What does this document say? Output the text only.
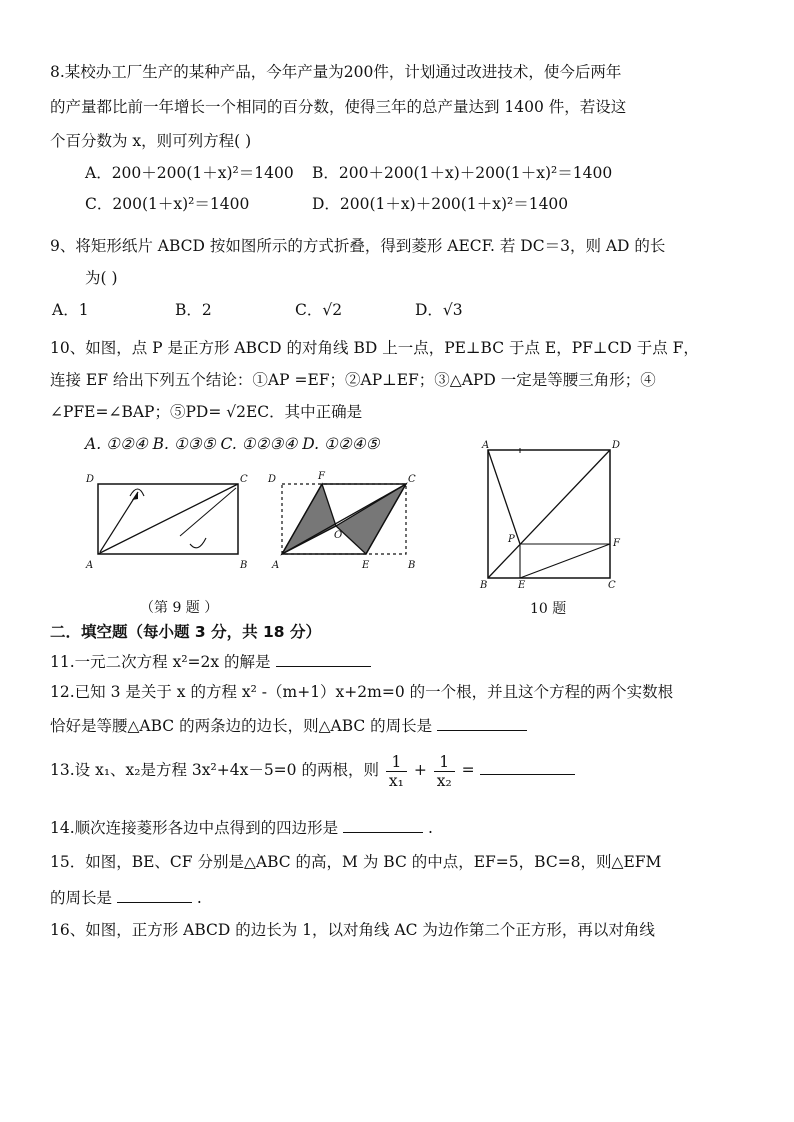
8.某校办工厂生产的某种产品，今年产量为200件，计划通过改进技术，使今后两年
的产量都比前一年增长一个相同的百分数，使得三年的总产量达到 1400 件，若设这
个百分数为 x，则可列方程( )
A．200＋200(1＋x)²＝1400 B．200＋200(1＋x)＋200(1＋x)²＝1400
C．200(1＋x)²＝1400	D．200(1＋x)＋200(1＋x)²＝1400
9、将矩形纸片 ABCD 按如图所示的方式折叠，得到菱形 AECF. 若 DC＝3，则 AD 的长
为( )
A．1	B．2	C．√2	D．√3
10、如图，点 P 是正方形 ABCD 的对角线 BD 上一点，PE⊥BC 于点 E，PF⊥CD 于点 F，
连接 EF 给出下列五个结论：①AP =EF；②AP⊥EF；③△APD 一定是等腰三角形；④
∠PFE=∠BAP；⑤PD= √2EC．其中正确是
A. ①②④ B. ①③⑤ C. ①②③④ D. ①②④⑤
D	C
A	B
D	F	C
O
A	E	B
A	D
P	F
B	E	C
（第 9 题 ）	10 题
二．填空题（每小题 3 分，共 18 分）
11.一元二次方程 x²=2x 的解是
12.已知 3 是关于 x 的方程 x² -（m+1）x+2m=0 的一个根，并且这个方程的两个实数根
恰好是等腰△ABC 的两条边的边长，则△ABC 的周长是
13.设 x₁、x₂是方程 3x²+4x－5=0 的两根，则 $\frac{1}{\text{x₁}} + \frac{1}{\text{x₂}}$ =
14.顺次连接菱形各边中点得到的四边形是	.
15．如图，BE、CF 分别是△ABC 的高，M 为 BC 的中点，EF=5，BC=8，则△EFM
的周长是	.
16、如图，正方形 ABCD 的边长为 1，以对角线 AC 为边作第二个正方形，再以对角线
